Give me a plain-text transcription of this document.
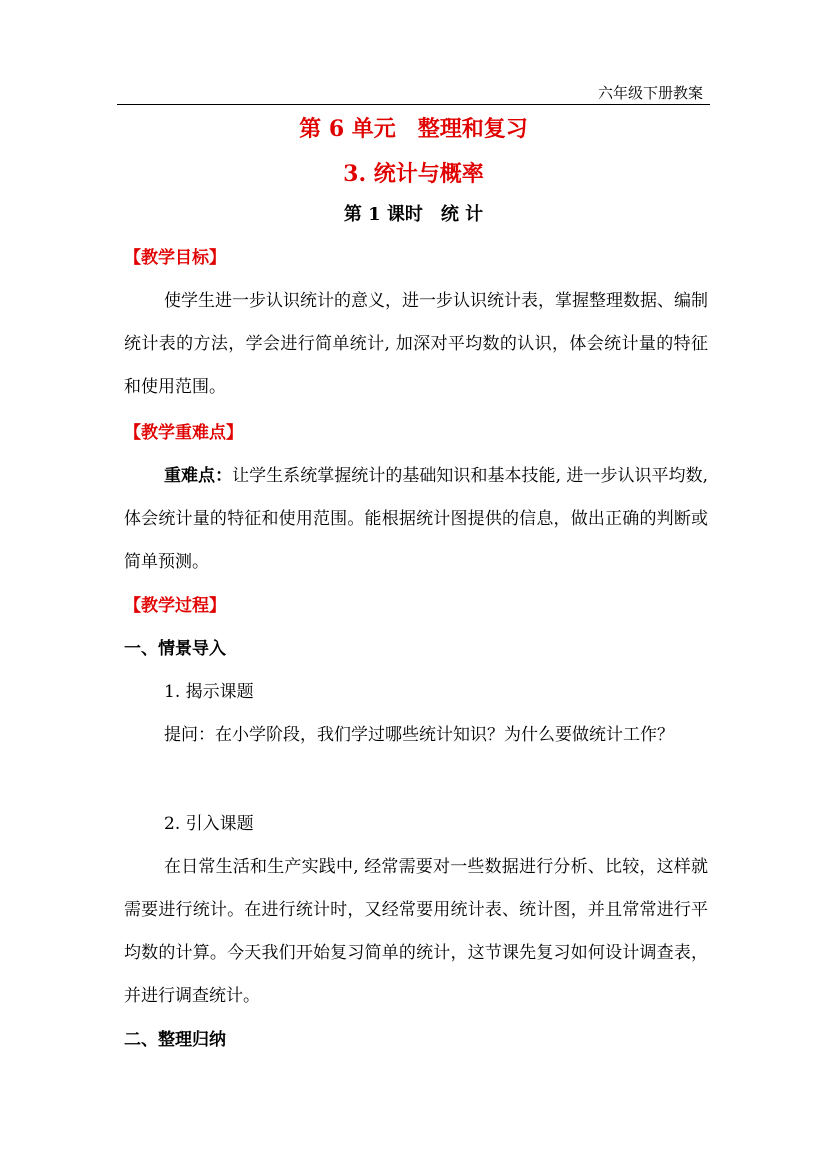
六年级下册教案
第 6 单元　整理和复习
3. 统计与概率
第 1 课时　统 计
【教学目标】
使学生进一步认识统计的意义，进一步认识统计表，掌握整理数据、编制统计表的方法，学会进行简单统计, 加深对平均数的认识，体会统计量的特征和使用范围。
【教学重难点】
重难点：让学生系统掌握统计的基础知识和基本技能, 进一步认识平均数, 体会统计量的特征和使用范围。能根据统计图提供的信息，做出正确的判断或简单预测。
【教学过程】
一、情景导入
1. 揭示课题
提问：在小学阶段，我们学过哪些统计知识？为什么要做统计工作？
2. 引入课题
在日常生活和生产实践中, 经常需要对一些数据进行分析、比较，这样就需要进行统计。在进行统计时，又经常要用统计表、统计图，并且常常进行平均数的计算。今天我们开始复习简单的统计，这节课先复习如何设计调查表，并进行调查统计。
二、整理归纳
